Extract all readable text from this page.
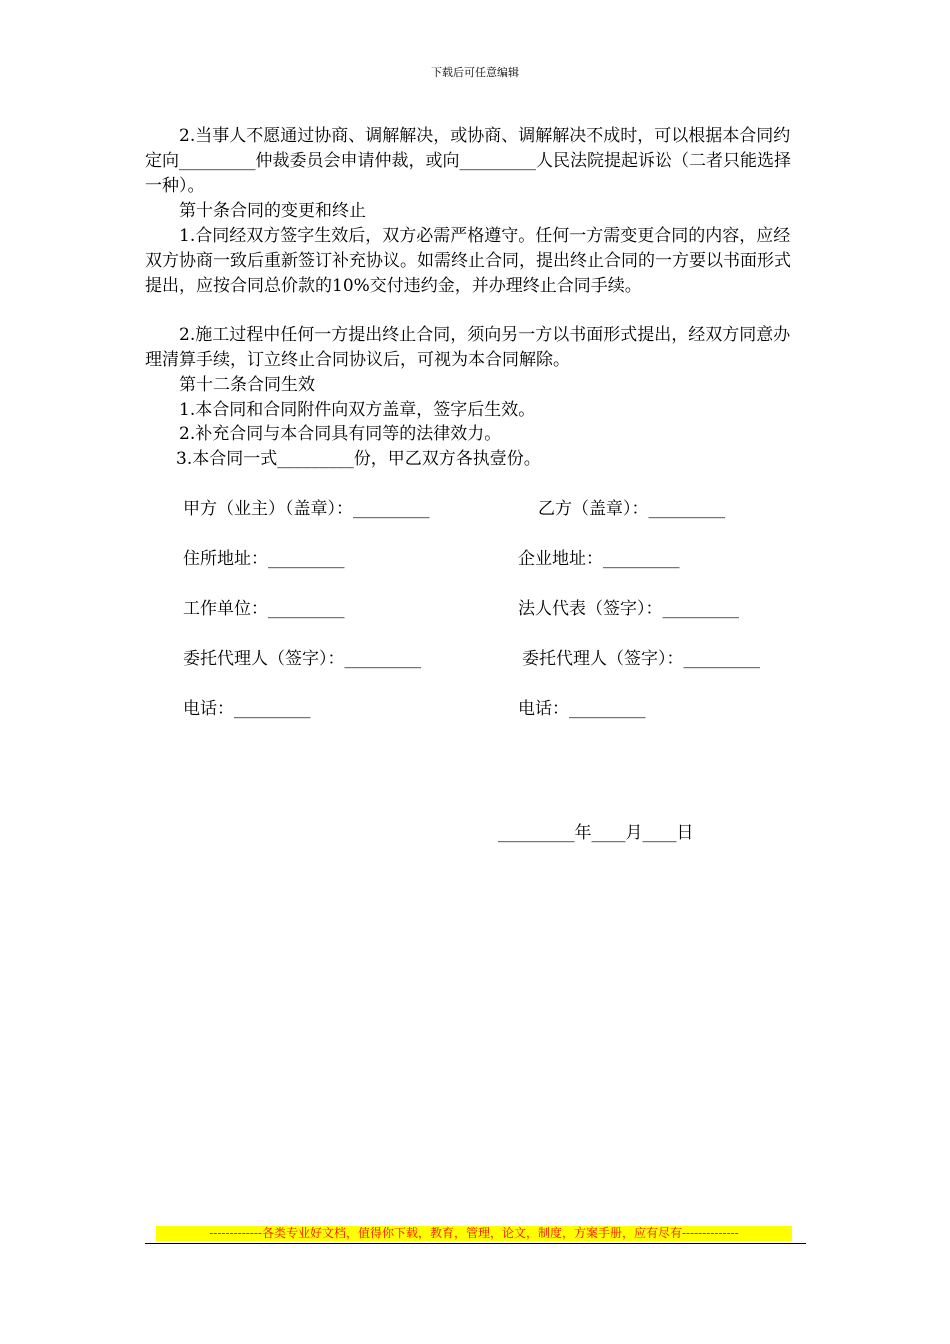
下载后可任意编辑
　　2.当事人不愿通过协商、调解解决，或协商、调解解决不成时，可以根据本合同约定向_________仲裁委员会申请仲裁，或向_________人民法院提起诉讼（二者只能选择一种）。
　　第十条合同的变更和终止
　　1.合同经双方签字生效后，双方必需严格遵守。任何一方需变更合同的内容，应经双方协商一致后重新签订补充协议。如需终止合同，提出终止合同的一方要以书面形式提出，应按合同总价款的10%交付违约金，并办理终止合同手续。
　　2.施工过程中任何一方提出终止合同，须向另一方以书面形式提出，经双方同意办理清算手续，订立终止合同协议后，可视为本合同解除。
　　第十二条合同生效
　　1.本合同和合同附件向双方盖章，签字后生效。
　　2.补充合同与本合同具有同等的法律效力。
3.本合同一式_________份，甲乙双方各执壹份。
甲方（业主）（盖章）：_________	乙方（盖章）：_________
住所地址：_________	企业地址：_________
工作单位：_________	法人代表（签字）：_________
委托代理人（签字）：_________	委托代理人（签字）：_________
电话：_________	电话：_________
_________年____月____日
-------------各类专业好文档，值得你下载，教育，管理，论文，制度，方案手册，应有尽有--------------
